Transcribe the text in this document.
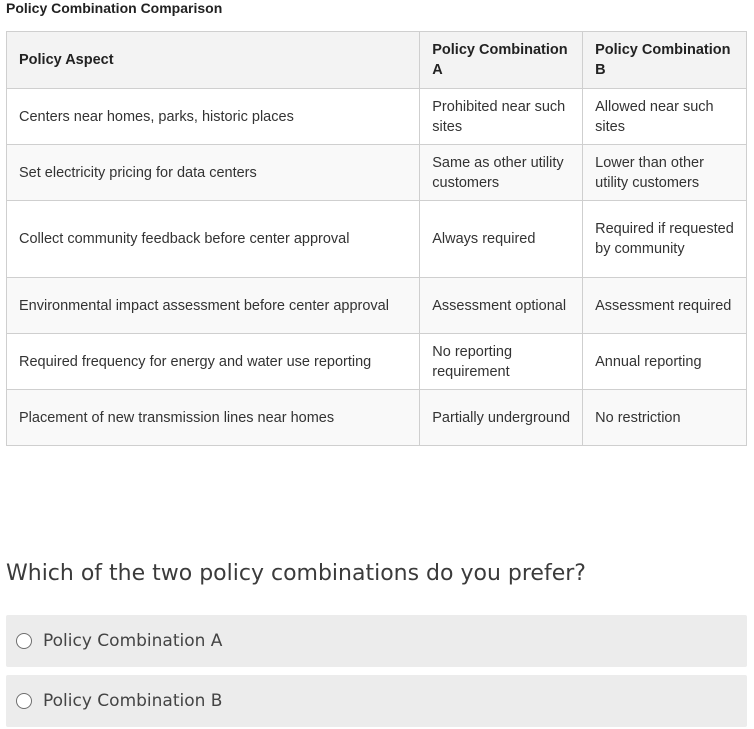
Policy Combination Comparison
Policy Aspect	Policy Combination A	Policy Combination B
Centers near homes, parks, historic places	Prohibited near such sites	Allowed near such sites
Set electricity pricing for data centers	Same as other utility customers	Lower than other utility customers
Collect community feedback before center approval	Always required	Required if requested by community
Environmental impact assessment before center approval	Assessment optional	Assessment required
Required frequency for energy and water use reporting	No reporting requirement	Annual reporting
Placement of new transmission lines near homes	Partially underground	No restriction
Which of the two policy combinations do you prefer?
Policy Combination A
Policy Combination B
